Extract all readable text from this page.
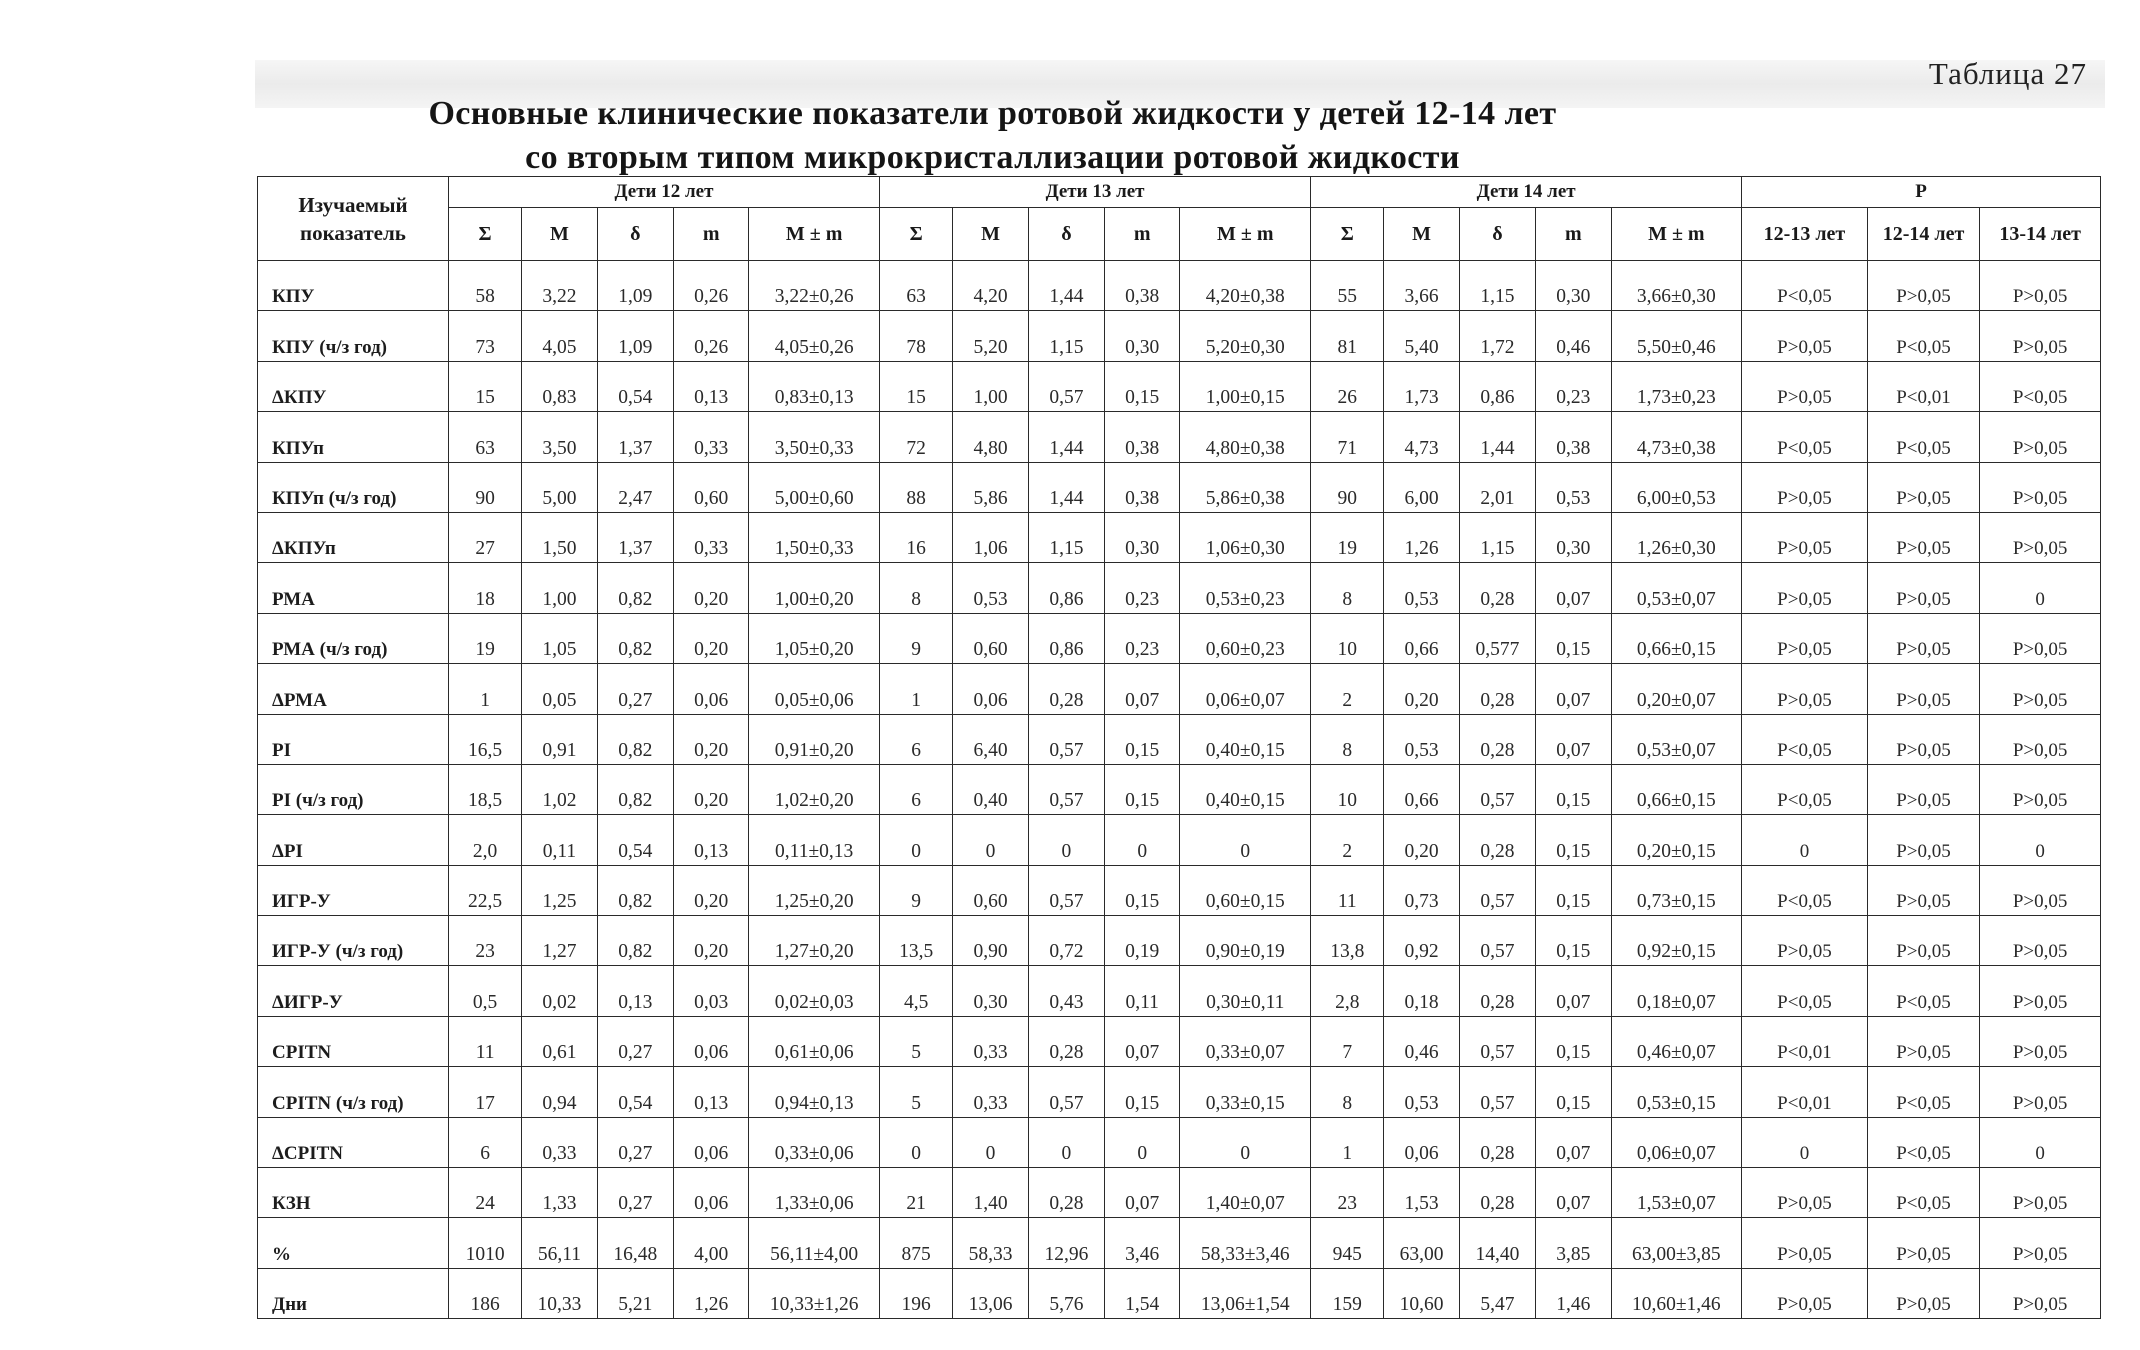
Таблица 27
Основные клинические показатели ротовой жидкости у детей 12-14 лет
со вторым типом микрокристаллизации ротовой жидкости
Изучаемый показатель	Дети 12 лет					Дети 13 лет					Дети 14 лет					P		
	Σ	M	δ	m	M ± m	Σ	M	δ	m	M ± m	Σ	M	δ	m	M ± m	12-13 лет	12-14 лет	13-14 лет
КПУ	58	3,22	1,09	0,26	3,22±0,26	63	4,20	1,44	0,38	4,20±0,38	55	3,66	1,15	0,30	3,66±0,30	P<0,05	P>0,05	P>0,05
КПУ (ч/з год)	73	4,05	1,09	0,26	4,05±0,26	78	5,20	1,15	0,30	5,20±0,30	81	5,40	1,72	0,46	5,50±0,46	P>0,05	P<0,05	P>0,05
ΔКПУ	15	0,83	0,54	0,13	0,83±0,13	15	1,00	0,57	0,15	1,00±0,15	26	1,73	0,86	0,23	1,73±0,23	P>0,05	P<0,01	P<0,05
КПУп	63	3,50	1,37	0,33	3,50±0,33	72	4,80	1,44	0,38	4,80±0,38	71	4,73	1,44	0,38	4,73±0,38	P<0,05	P<0,05	P>0,05
КПУп (ч/з год)	90	5,00	2,47	0,60	5,00±0,60	88	5,86	1,44	0,38	5,86±0,38	90	6,00	2,01	0,53	6,00±0,53	P>0,05	P>0,05	P>0,05
ΔКПУп	27	1,50	1,37	0,33	1,50±0,33	16	1,06	1,15	0,30	1,06±0,30	19	1,26	1,15	0,30	1,26±0,30	P>0,05	P>0,05	P>0,05
РМА	18	1,00	0,82	0,20	1,00±0,20	8	0,53	0,86	0,23	0,53±0,23	8	0,53	0,28	0,07	0,53±0,07	P>0,05	P>0,05	0
РМА (ч/з год)	19	1,05	0,82	0,20	1,05±0,20	9	0,60	0,86	0,23	0,60±0,23	10	0,66	0,577	0,15	0,66±0,15	P>0,05	P>0,05	P>0,05
ΔРМА	1	0,05	0,27	0,06	0,05±0,06	1	0,06	0,28	0,07	0,06±0,07	2	0,20	0,28	0,07	0,20±0,07	P>0,05	P>0,05	P>0,05
PI	16,5	0,91	0,82	0,20	0,91±0,20	6	6,40	0,57	0,15	0,40±0,15	8	0,53	0,28	0,07	0,53±0,07	P<0,05	P>0,05	P>0,05
PI (ч/з год)	18,5	1,02	0,82	0,20	1,02±0,20	6	0,40	0,57	0,15	0,40±0,15	10	0,66	0,57	0,15	0,66±0,15	P<0,05	P>0,05	P>0,05
ΔPI	2,0	0,11	0,54	0,13	0,11±0,13	0	0	0	0	0	2	0,20	0,28	0,15	0,20±0,15	0	P>0,05	0
ИГР-У	22,5	1,25	0,82	0,20	1,25±0,20	9	0,60	0,57	0,15	0,60±0,15	11	0,73	0,57	0,15	0,73±0,15	P<0,05	P>0,05	P>0,05
ИГР-У (ч/з год)	23	1,27	0,82	0,20	1,27±0,20	13,5	0,90	0,72	0,19	0,90±0,19	13,8	0,92	0,57	0,15	0,92±0,15	P>0,05	P>0,05	P>0,05
ΔИГР-У	0,5	0,02	0,13	0,03	0,02±0,03	4,5	0,30	0,43	0,11	0,30±0,11	2,8	0,18	0,28	0,07	0,18±0,07	P<0,05	P<0,05	P>0,05
CPITN	11	0,61	0,27	0,06	0,61±0,06	5	0,33	0,28	0,07	0,33±0,07	7	0,46	0,57	0,15	0,46±0,07	P<0,01	P>0,05	P>0,05
CPITN (ч/з год)	17	0,94	0,54	0,13	0,94±0,13	5	0,33	0,57	0,15	0,33±0,15	8	0,53	0,57	0,15	0,53±0,15	P<0,01	P<0,05	P>0,05
ΔCPITN	6	0,33	0,27	0,06	0,33±0,06	0	0	0	0	0	1	0,06	0,28	0,07	0,06±0,07	0	P<0,05	0
КЗН	24	1,33	0,27	0,06	1,33±0,06	21	1,40	0,28	0,07	1,40±0,07	23	1,53	0,28	0,07	1,53±0,07	P>0,05	P<0,05	P>0,05
%	1010	56,11	16,48	4,00	56,11±4,00	875	58,33	12,96	3,46	58,33±3,46	945	63,00	14,40	3,85	63,00±3,85	P>0,05	P>0,05	P>0,05
Дни	186	10,33	5,21	1,26	10,33±1,26	196	13,06	5,76	1,54	13,06±1,54	159	10,60	5,47	1,46	10,60±1,46	P>0,05	P>0,05	P>0,05
